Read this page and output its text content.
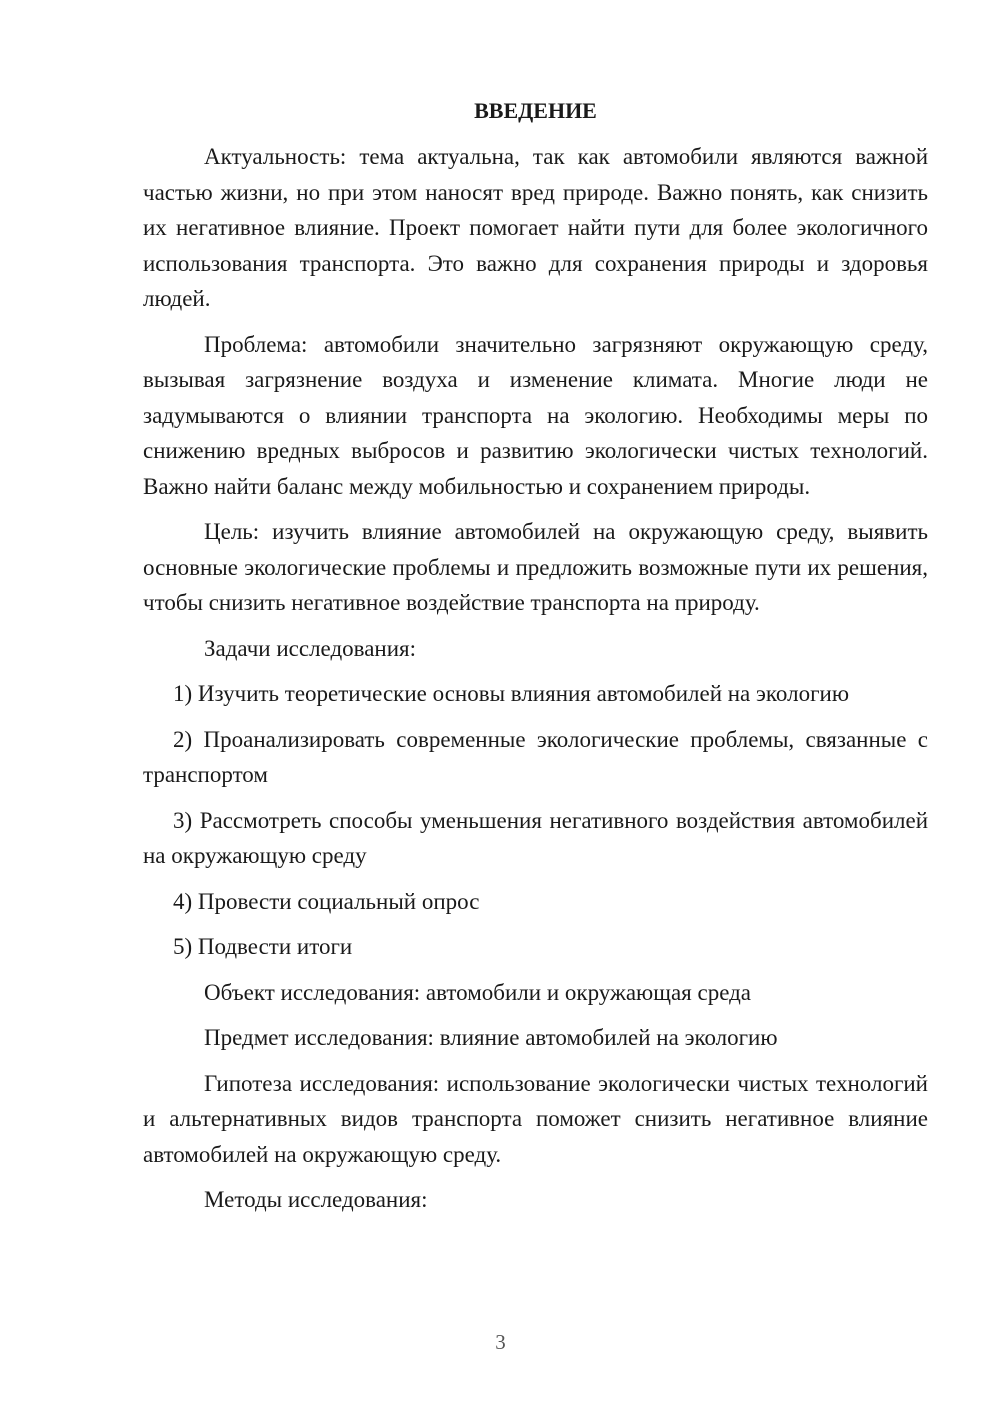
ВВЕДЕНИЕ

Актуальность: тема актуальна, так как автомобили являются важной частью жизни, но при этом наносят вред природе. Важно понять, как снизить их негативное влияние. Проект помогает найти пути для более экологичного использования транспорта. Это важно для сохранения природы и здоровья людей.

Проблема: автомобили значительно загрязняют окружающую среду, вызывая загрязнение воздуха и изменение климата. Многие люди не задумываются о влиянии транспорта на экологию. Необходимы меры по снижению вредных выбросов и развитию экологически чистых технологий. Важно найти баланс между мобильностью и сохранением природы.

Цель: изучить влияние автомобилей на окружающую среду, выявить основные экологические проблемы и предложить возможные пути их решения, чтобы снизить негативное воздействие транспорта на природу.

Задачи исследования:

1) Изучить теоретические основы влияния автомобилей на экологию

2) Проанализировать современные экологические проблемы, связанные с транспортом

3) Рассмотреть способы уменьшения негативного воздействия автомобилей на окружающую среду

4) Провести социальный опрос

5) Подвести итоги

Объект исследования: автомобили и окружающая среда

Предмет исследования: влияние автомобилей на экологию

Гипотеза исследования: использование экологически чистых технологий и альтернативных видов транспорта поможет снизить негативное влияние автомобилей на окружающую среду.

Методы исследования:

3
